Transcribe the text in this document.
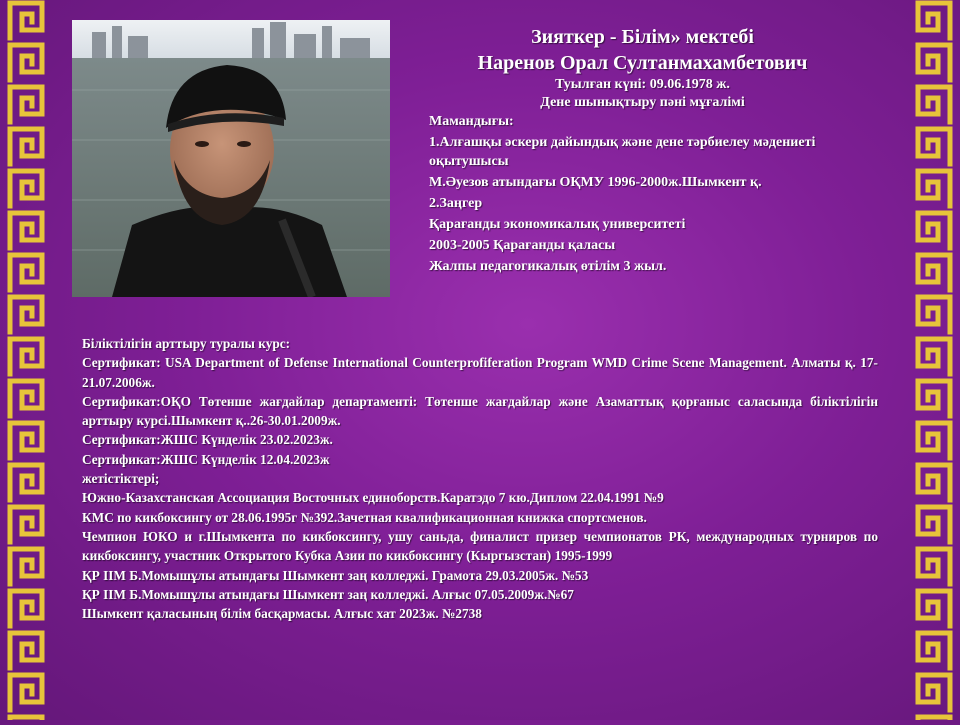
Зияткер - Білім» мектебі
Наренов Орал Султанмахамбетович
Туылған күні: 09.06.1978 ж.
Дене шынықтыру пәні мұғалімі
Мамандығы:
1.Алғашқы әскери дайындық және дене тәрбиелеу мәдениеті оқытушысы
М.Әуезов атындағы ОҚМУ 1996-2000ж.Шымкент қ.
2.Заңгер
Қарағанды экономикалық университеті
2003-2005 Қарағанды қаласы
Жалпы педагогикалық өтілім 3 жыл.
Біліктілігін арттыру туралы курс:
Сертификат: USA Department of Defense International Counterprofiferation Program WMD Crime Scene Management. Алматы қ. 17-21.07.2006ж.
Сертификат:ОҚО Төтенше жағдайлар департаменті: Төтенше жағдайлар және Азаматтық қорғаныс саласында біліктілігін арттыру курсі.Шымкент қ..26-30.01.2009ж.
Сертификат:ЖШС Күнделік 23.02.2023ж.
Сертификат:ЖШС Күнделік 12.04.2023ж
жетістіктері;
Южно-Казахстанская Ассоциация Восточных единоборств.Каратэдо 7 кю.Диплом 22.04.1991 №9
КМС по кикбоксингу от 28.06.1995г №392.Зачетная квалификационная книжка спортсменов.
Чемпион ЮКО и г.Шымкента по кикбоксингу, ушу саньда, финалист призер чемпионатов РК, международных турниров по кикбоксингу, участник Открытого Кубка Азии по кикбоксингу (Кыргызстан) 1995-1999
ҚР ІІМ Б.Момышұлы атындағы Шымкент заң колледжі. Грамота 29.03.2005ж. №53
ҚР ІІМ Б.Момышұлы атындағы Шымкент заң колледжі. Алғыс 07.05.2009ж.№67
Шымкент қаласының білім басқармасы. Алғыс хат 2023ж. №2738
